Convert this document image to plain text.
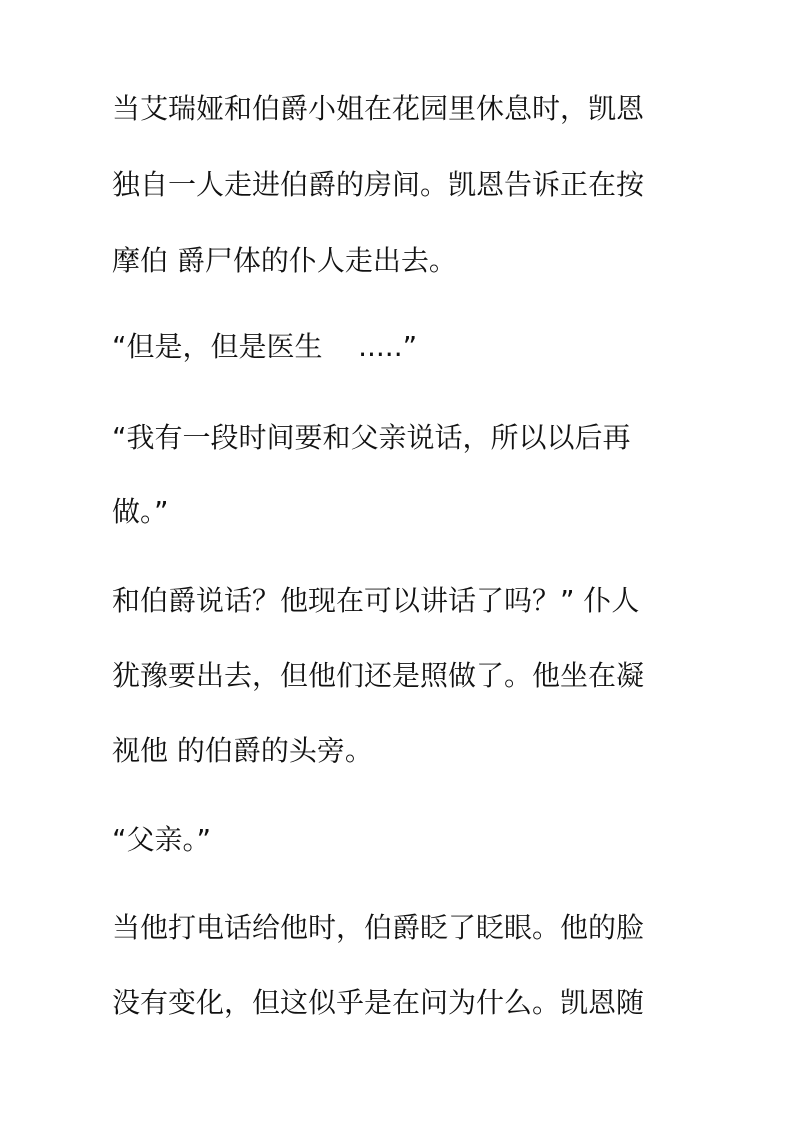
当艾瑞娅和伯爵小姐在花园里休息时，凯恩
独自一人走进伯爵的房间。凯恩告诉正在按
摩伯 爵尸体的仆人走出去。
“但是，但是医生    .....”
“我有一段时间要和父亲说话，所以以后再
做。”
和伯爵说话？他现在可以讲话了吗？” 仆人
犹豫要出去，但他们还是照做了。他坐在凝
视他 的伯爵的头旁。
“父亲。”
当他打电话给他时，伯爵眨了眨眼。他的脸
没有变化，但这似乎是在问为什么。凯恩随
